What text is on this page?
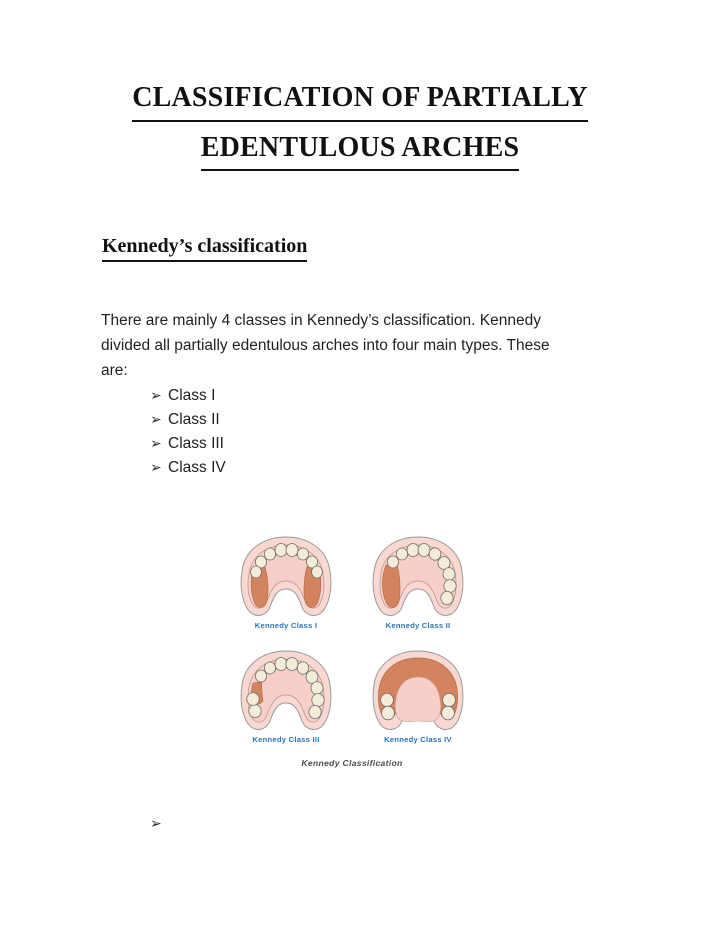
CLASSIFICATION OF PARTIALLY
EDENTULOUS ARCHES
Kennedy’s classification

There are mainly 4 classes in Kennedy’s classification. Kennedy divided all partially edentulous arches into four main types. These are:

➢ Class I
➢ Class II
➢ Class III
➢ Class IV
Kennedy Class I	Kennedy Class II
Kennedy Class III	Kennedy Class IV
Kennedy Classification
➢
